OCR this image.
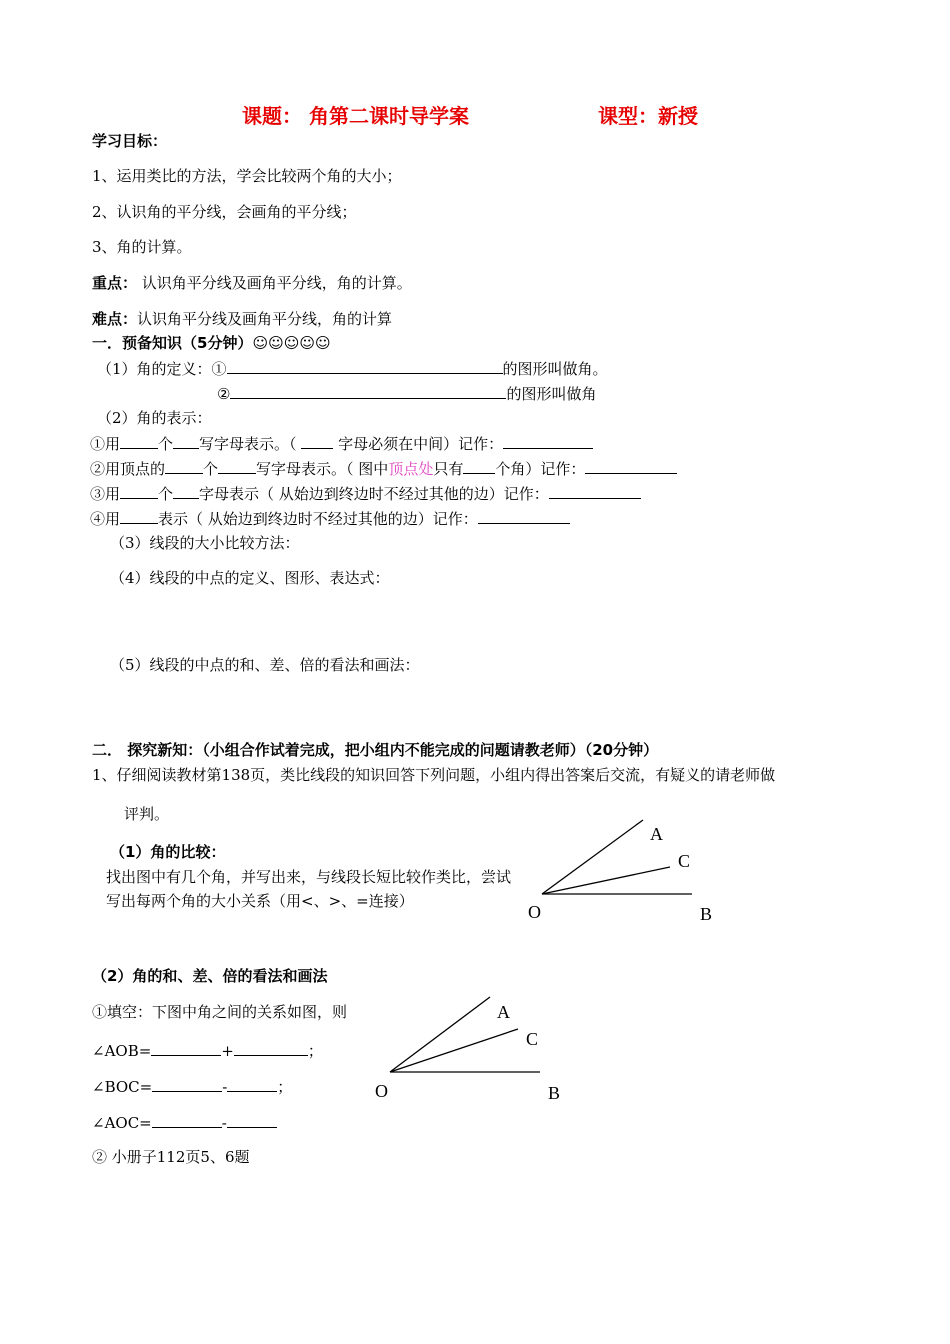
课题： 角第二课时导学案	课型：新授
学习目标：
1、运用类比的方法，学会比较两个角的大小；
2、认识角的平分线，会画角的平分线；
3、角的计算。
重点： 认识角平分线及画角平分线，角的计算。
难点：认识角平分线及画角平分线，角的计算
一．预备知识（5分钟）☺☺☺☺☺
（1）角的定义：①	的图形叫做角。
②	的图形叫做角
（2）角的表示：
①用	个 写字母表示。（  字母必须在中间）记作：
②用顶点的	个	写字母表示。（ 图中顶点处只有 个角）记作：
③用	个 字母表示（ 从始边到终边时不经过其他的边）记作：
④用	表示（ 从始边到终边时不经过其他的边）记作：
（3）线段的大小比较方法：
（4）线段的中点的定义、图形、表达式：
（5）线段的中点的和、差、倍的看法和画法：
二． 探究新知：（小组合作试着完成，把小组内不能完成的问题请教老师）（20分钟）
1、仔细阅读教材第138页，类比线段的知识回答下列问题，小组内得出答案后交流，有疑义的请老师做
评判。
（1）角的比较：
找出图中有几个角，并写出来，与线段长短比较作类比，尝试
写出每两个角的大小关系（用<、>、=连接）
A
C
O	B
（2）角的和、差、倍的看法和画法
①填空：下图中角之间的关系如图，则
∠AOB=	+	；
∠BOC=	-	；
∠AOC=	-
② 小册子112页5、6题
A
C
O	B
